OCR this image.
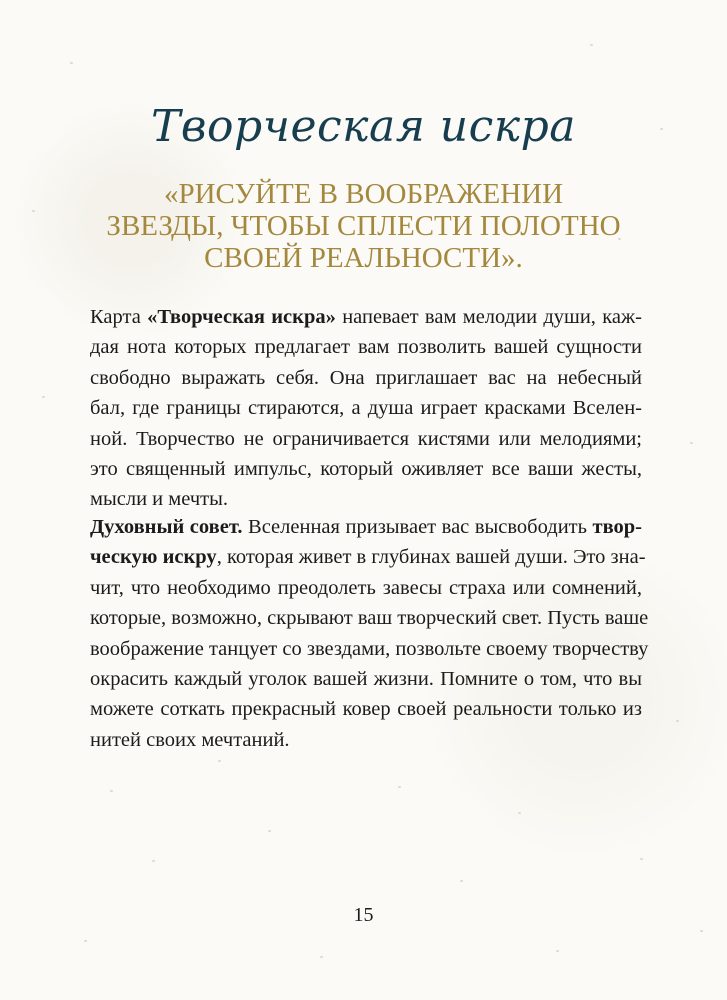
Творческая искра

«РИСУЙТЕ В ВООБРАЖЕНИИ
ЗВЕЗДЫ, ЧТОБЫ СПЛЕСТИ ПОЛОТНО
СВОЕЙ РЕАЛЬНОСТИ».

Карта «Творческая искра» напевает вам мелодии души, каж-
дая нота которых предлагает вам позволить вашей сущности
свободно выражать себя. Она приглашает вас на небесный
бал, где границы стираются, а душа играет красками Вселен-
ной. Творчество не ограничивается кистями или мелодиями;
это священный импульс, который оживляет все ваши жесты,
мысли и мечты.

Духовный совет. Вселенная призывает вас высвободить твор-
ческую искру, которая живет в глубинах вашей души. Это зна-
чит, что необходимо преодолеть завесы страха или сомнений,
которые, возможно, скрывают ваш творческий свет. Пусть ваше
воображение танцует со звездами, позвольте своему творчеству
окрасить каждый уголок вашей жизни. Помните о том, что вы
можете соткать прекрасный ковер своей реальности только из
нитей своих мечтаний.

15
